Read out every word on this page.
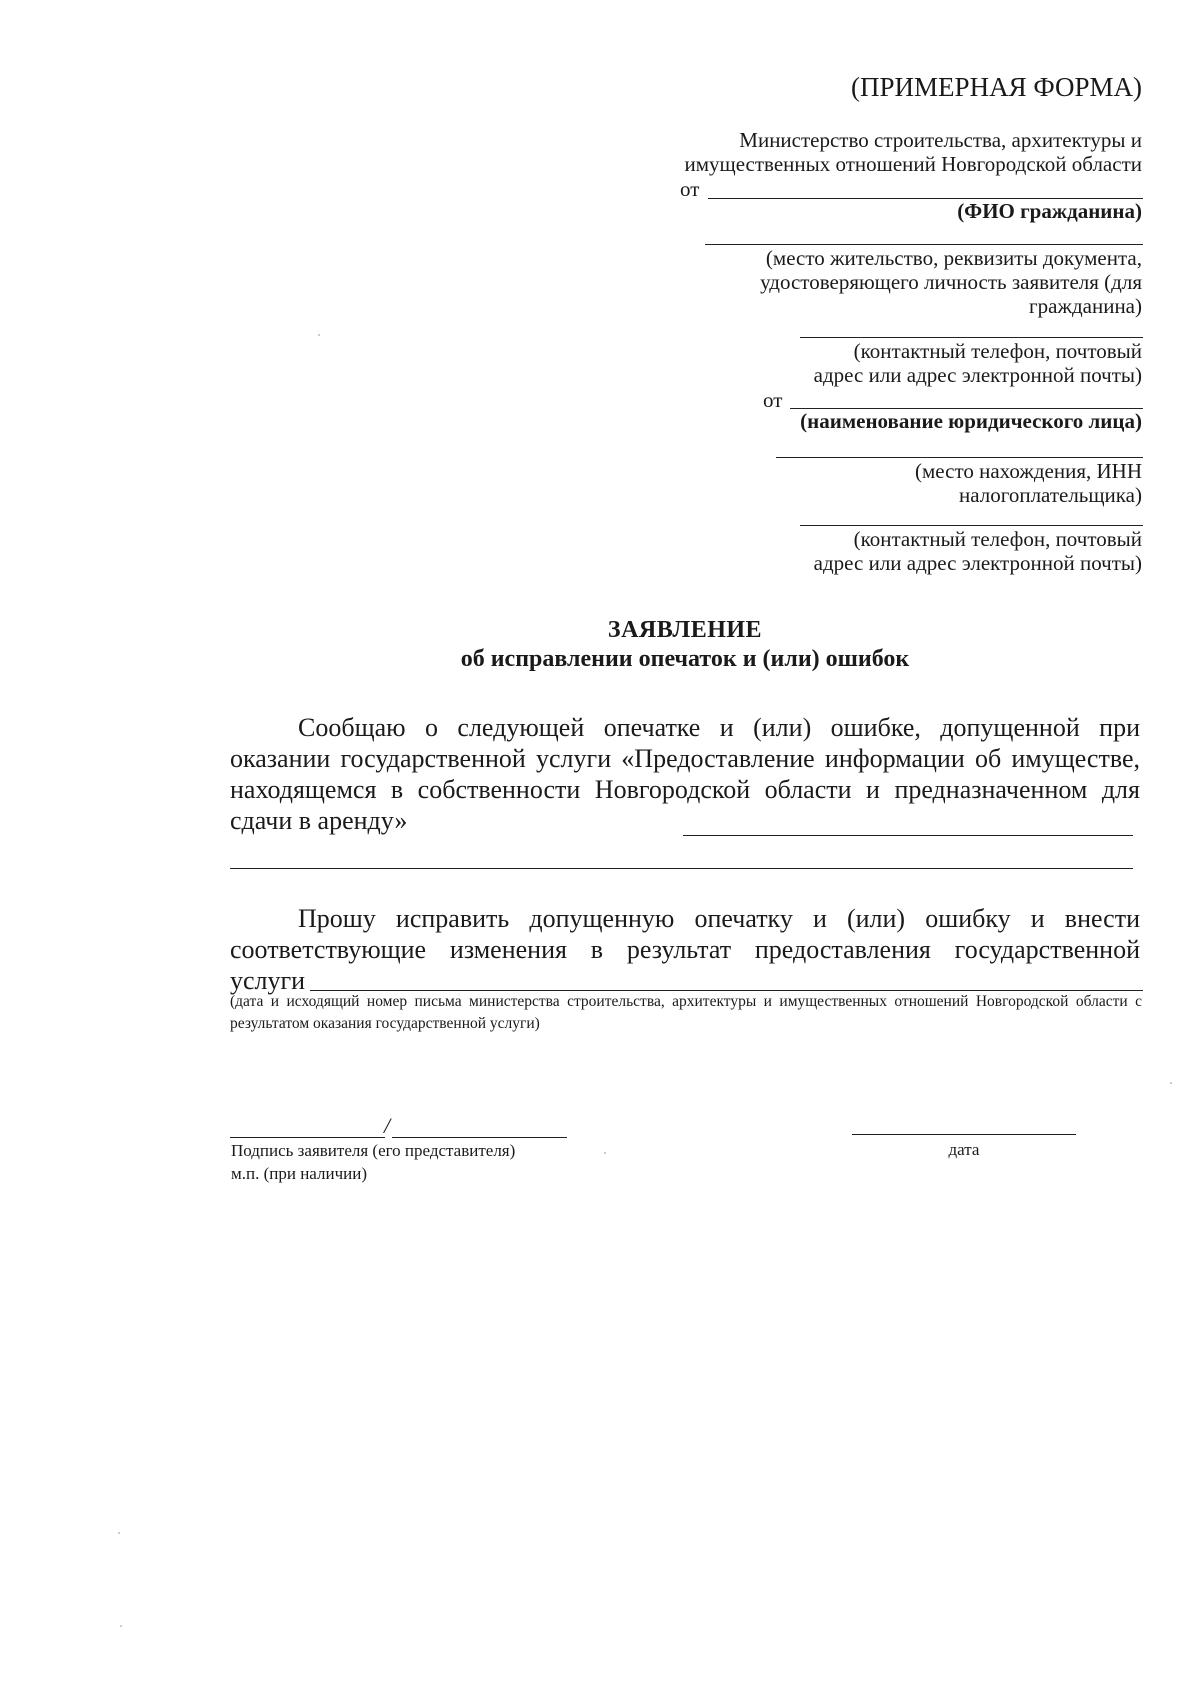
(ПРИМЕРНАЯ ФОРМА)
Министерство строительства, архитектуры и
имущественных отношений Новгородской области
от
(ФИО гражданина)
(место жительство, реквизиты документа,
удостоверяющего личность заявителя (для
гражданина)
(контактный телефон, почтовый
адрес или адрес электронной почты)
от
(наименование юридического лица)
(место нахождения, ИНН
налогоплательщика)
(контактный телефон, почтовый
адрес или адрес электронной почты)
ЗАЯВЛЕНИЕ
об исправлении опечаток и (или) ошибок
Сообщаю о следующей опечатке и (или) ошибке, допущенной при оказании государственной услуги «Предоставление информации об имуществе, находящемся в собственности Новгородской области и предназначенном для сдачи в аренду»
Прошу исправить допущенную опечатку и (или) ошибку и внести соответствующие изменения в результат предоставления государственной
услуги
(дата и исходящий номер письма министерства строительства, архитектуры и имущественных отношений Новгородской области с результатом оказания государственной услуги)
/
Подпись заявителя (его представителя)
м.п. (при наличии)
дата
